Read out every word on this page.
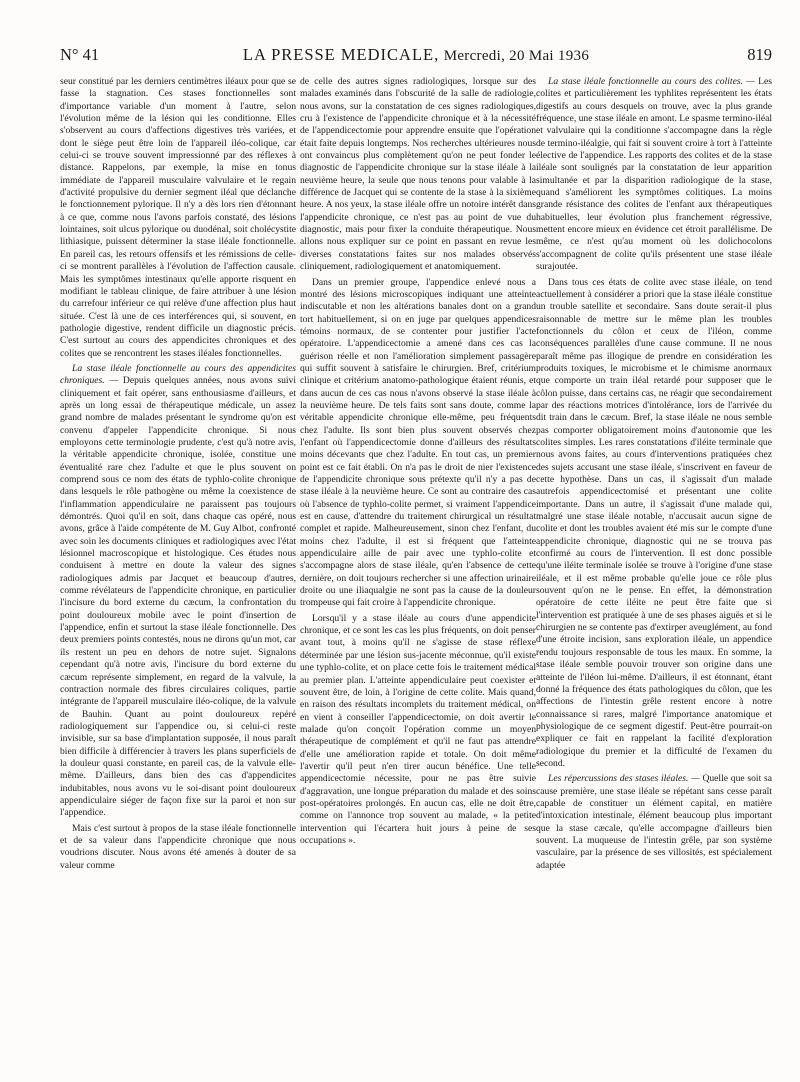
N° 41	LA PRESSE MEDICALE, Mercredi, 20 Mai 1936	819

seur constitué par les derniers centimètres iléaux pour que se fasse la stagnation. Ces stases fonctionnelles sont d'importance variable d'un moment à l'autre, selon l'évolution même de la lésion qui les conditionne. Elles s'observent au cours d'affections digestives très variées, et dont le siège peut être loin de l'appareil iléo-colique, car celui-ci se trouve souvent impressionné par des réflexes à distance. Rappelons, par exemple, la mise en tonus immédiate de l'appareil musculaire valvulaire et le regain d'activité propulsive du dernier segment iléal que déclanche le fonctionnement pylorique. Il n'y a dès lors rien d'étonnant à ce que, comme nous l'avons parfois constaté, des lésions lointaines, soit ulcus pylorique ou duodénal, soit cholécystite lithiasique, puissent déterminer la stase iléale fonctionnelle. En pareil cas, les retours offensifs et les rémissions de celle-ci se montrent parallèles à l'évolution de l'affection causale. Mais les symptômes intestinaux qu'elle apporte risquent en modifiant le tableau clinique, de faire attribuer à une lésion du carrefour inférieur ce qui relève d'une affection plus haut située. C'est là une de ces interférences qui, si souvent, en pathologie digestive, rendent difficile un diagnostic précis. C'est surtout au cours des appendicites chroniques et des colites que se rencontrent les stases iléales fonctionnelles.

La stase iléale fonctionnelle au cours des appendicites chroniques. — Depuis quelques années, nous avons suivi cliniquement et fait opérer, sans enthousiasme d'ailleurs, et après un long essai de thérapeutique médicale, un assez grand nombre de malades présentant le syndrome qu'on est convenu d'appeler l'appendicite chronique. Si nous employons cette terminologie prudente, c'est qu'à notre avis, la véritable appendicite chronique, isolée, constitue une éventualité rare chez l'adulte et que le plus souvent on comprend sous ce nom des états de typhlo-colite chronique dans lesquels le rôle pathogène ou même la coexistence de l'inflammation appendiculaire ne paraissent pas toujours démontrés. Quoi qu'il en soit, dans chaque cas opéré, nous avons, grâce à l'aide compétente de M. Guy Albot, confronté avec soin les documents cliniques et radiologiques avec l'état lésionnel macroscopique et histologique. Ces études nous conduisent à mettre en doute la valeur des signes radiologiques admis par Jacquet et beaucoup d'autres, comme révélateurs de l'appendicite chronique, en particulier l'incisure du bord externe du cæcum, la confrontation du point douloureux mobile avec le point d'insertion de l'appendice, enfin et surtout la stase iléale fonctionnelle. Des deux premiers points contestés, nous ne dirons qu'un mot, car ils restent un peu en dehors de notre sujet. Signalons cependant qu'à notre avis, l'incisure du bord externe du cæcum représente simplement, en regard de la valvule, la contraction normale des fibres circulaires coliques, partie intégrante de l'appareil musculaire iléo-colique, de la valvule de Bauhin. Quant au point douloureux repéré radiologiquement sur l'appendice ou, si celui-ci reste invisible, sur sa base d'implantation supposée, il nous paraît bien difficile à différencier à travers les plans superficiels de la douleur quasi constante, en pareil cas, de la valvule elle-même. D'ailleurs, dans bien des cas d'appendicites indubitables, nous avons vu le soi-disant point douloureux appendiculaire siéger de façon fixe sur la paroi et non sur l'appendice.

Mais c'est surtout à propos de la stase iléale fonctionnelle et de sa valeur dans l'appendicite chronique que nous voudrions discuter. Nous avons été amenés à douter de sa valeur comme

de celle des autres signes radiologiques, lorsque sur des malades examinés dans l'obscurité de la salle de radiologie, nous avons, sur la constatation de ces signes radiologiques, cru à l'existence de l'appendicite chronique et à la nécessité de l'appendicectomie pour apprendre ensuite que l'opération était faite depuis longtemps. Nos recherches ultérieures nous ont convaincus plus complètement qu'on ne peut fonder le diagnostic de l'appendicite chronique sur la stase iléale à la neuvième heure, la seule que nous tenons pour valable à la différence de Jacquet qui se contente de la stase à la sixième heure. A nos yeux, la stase iléale offre un notoire intérêt dans l'appendicite chronique, ce n'est pas au point de vue du diagnostic, mais pour fixer la conduite thérapeutique. Nous allons nous expliquer sur ce point en passant en revue les diverses constatations faites sur nos malades observés cliniquement, radiologiquement et anatomiquement.

Dans un premier groupe, l'appendice enlevé nous a montré des lésions microscopiques indiquant une atteinte indiscutable et non les altérations banales dont on a grand tort habituellement, si on en juge par quelques appendices témoins normaux, de se contenter pour justifier l'acte opératoire. L'appendicectomie a amené dans ces cas la guérison réelle et non l'amélioration simplement passagère qui suffit souvent à satisfaire le chirurgien. Bref, critérium clinique et critérium anatomo-pathologique étaient réunis, et dans aucun de ces cas nous n'avons observé la stase iléale à la neuvième heure. De tels faits sont sans doute, comme la véritable appendicite chronique elle-même, peu fréquents chez l'adulte. Ils sont bien plus souvent observés chez l'enfant où l'appendicectomie donne d'ailleurs des résultats moins décevants que chez l'adulte. En tout cas, un premier point est ce fait établi. On n'a pas le droit de nier l'existence de l'appendicite chronique sous prétexte qu'il n'y a pas de stase iléale à la neuvième heure. Ce sont au contraire des cas où l'absence de typhlo-colite permet, si vraiment l'appendice est en cause, d'attendre du traitement chirurgical un résultat complet et rapide. Malheureusement, sinon chez l'enfant, du moins chez l'adulte, il est si fréquent que l'atteinte appendiculaire aille de pair avec une typhlo-colite et s'accompagne alors de stase iléale, qu'en l'absence de cette dernière, on doit toujours rechercher si une affection urinaire droite ou une iliaqualgie ne sont pas la cause de la douleur trompeuse qui fait croire à l'appendicite chronique.

Lorsqu'il y a stase iléale au cours d'une appendicite chronique, et ce sont les cas les plus fréquents, on doit penser avant tout, à moins qu'il ne s'agisse de stase réflexe déterminée par une lésion sus-jacente méconnue, qu'il existe une typhlo-colite, et on place cette fois le traitement médical au premier plan. L'atteinte appendiculaire peut coexister et souvent être, de loin, à l'origine de cette colite. Mais quand, en raison des résultats incomplets du traitement médical, on en vient à conseiller l'appendicectomie, on doit avertir le malade qu'on conçoit l'opération comme un moyen thérapeutique de complément et qu'il ne faut pas attendre d'elle une amélioration rapide et totale. On doit même l'avertir qu'il peut n'en tirer aucun bénéfice. Une telle appendicectomie nécessite, pour ne pas être suivie d'aggravation, une longue préparation du malade et des soins post-opératoires prolongés. En aucun cas, elle ne doit être, comme on l'annonce trop souvent au malade, « la petite intervention qui l'écartera huit jours à peine de ses occupations ».

La stase iléale fonctionnelle au cours des colites. — Les colites et particulièrement les typhlites représentent les états digestifs au cours desquels on trouve, avec la plus grande fréquence, une stase iléale en amont. Le spasme termino-iléal et valvulaire qui la conditionne s'accompagne dans la règle de termino-iléalgie, qui fait si souvent croire à tort à l'atteinte élective de l'appendice. Les rapports des colites et de la stase iléale sont soulignés par la constatation de leur apparition simultanée et par la disparition radiologique de la stase, quand s'améliorent les symptômes colitiques. La moins grande résistance des colites de l'enfant aux thérapeutiques habituelles, leur évolution plus franchement régressive, mettent encore mieux en évidence cet étroit parallélisme. De même, ce n'est qu'au moment où les dolichocolons s'accompagnent de colite qu'ils présentent une stase iléale surajoutée.

Dans tous ces états de colite avec stase iléale, on tend actuellement à considérer a priori que la stase iléale constitue un trouble satellite et secondaire. Sans doute serait-il plus raisonnable de mettre sur le même plan les troubles fonctionnels du côlon et ceux de l'iléon, comme conséquences parallèles d'une cause commune. Il ne nous paraît même pas illogique de prendre en considération les produits toxiques, le microbisme et le chimisme anormaux que comporte un train iléal retardé pour supposer que le côlon puisse, dans certains cas, ne réagir que secondairement par des réactions motrices d'intolérance, lors de l'arrivée du dit train dans le cæcum. Bref, la stase iléale ne nous semble pas comporter obligatoirement moins d'autonomie que les colites simples. Les rares constatations d'iléite terminale que nous avons faites, au cours d'interventions pratiquées chez des sujets accusant une stase iléale, s'inscrivent en faveur de cette hypothèse. Dans un cas, il s'agissait d'un malade autrefois appendicectomisé et présentant une colite importante. Dans un autre, il s'agissait d'une malade qui, malgré une stase iléale notable, n'accusait aucun signe de colite et dont les troubles avaient été mis sur le compte d'une appendicite chronique, diagnostic qui ne se trouva pas confirmé au cours de l'intervention. Il est donc possible qu'une iléite terminale isolée se trouve à l'origine d'une stase iléale, et il est même probable qu'elle joue ce rôle plus souvent qu'on ne le pense. En effet, la démonstration opératoire de cette iléite ne peut être faite que si l'intervention est pratiquée à une de ses phases aiguës et si le chirurgien ne se contente pas d'extirper aveuglément, au fond d'une étroite incision, sans exploration iléale, un appendice rendu toujours responsable de tous les maux. En somme, la stase iléale semble pouvoir trouver son origine dans une atteinte de l'iléon lui-même. D'ailleurs, il est étonnant, étant donné la fréquence des états pathologiques du côlon, que les affections de l'intestin grêle restent encore à notre connaissance si rares, malgré l'importance anatomique et physiologique de ce segment digestif. Peut-être pourrait-on expliquer ce fait en rappelant la facilité d'exploration radiologique du premier et la difficulté de l'examen du second.

Les répercussions des stases iléales. — Quelle que soit sa cause première, une stase iléale se répétant sans cesse paraît capable de constituer un élément capital, en matière d'intoxication intestinale, élément beaucoup plus important que la stase cæcale, qu'elle accompagne d'ailleurs bien souvent. La muqueuse de l'intestin grêle, par son système vasculaire, par la présence de ses villosités, est spécialement adaptée
